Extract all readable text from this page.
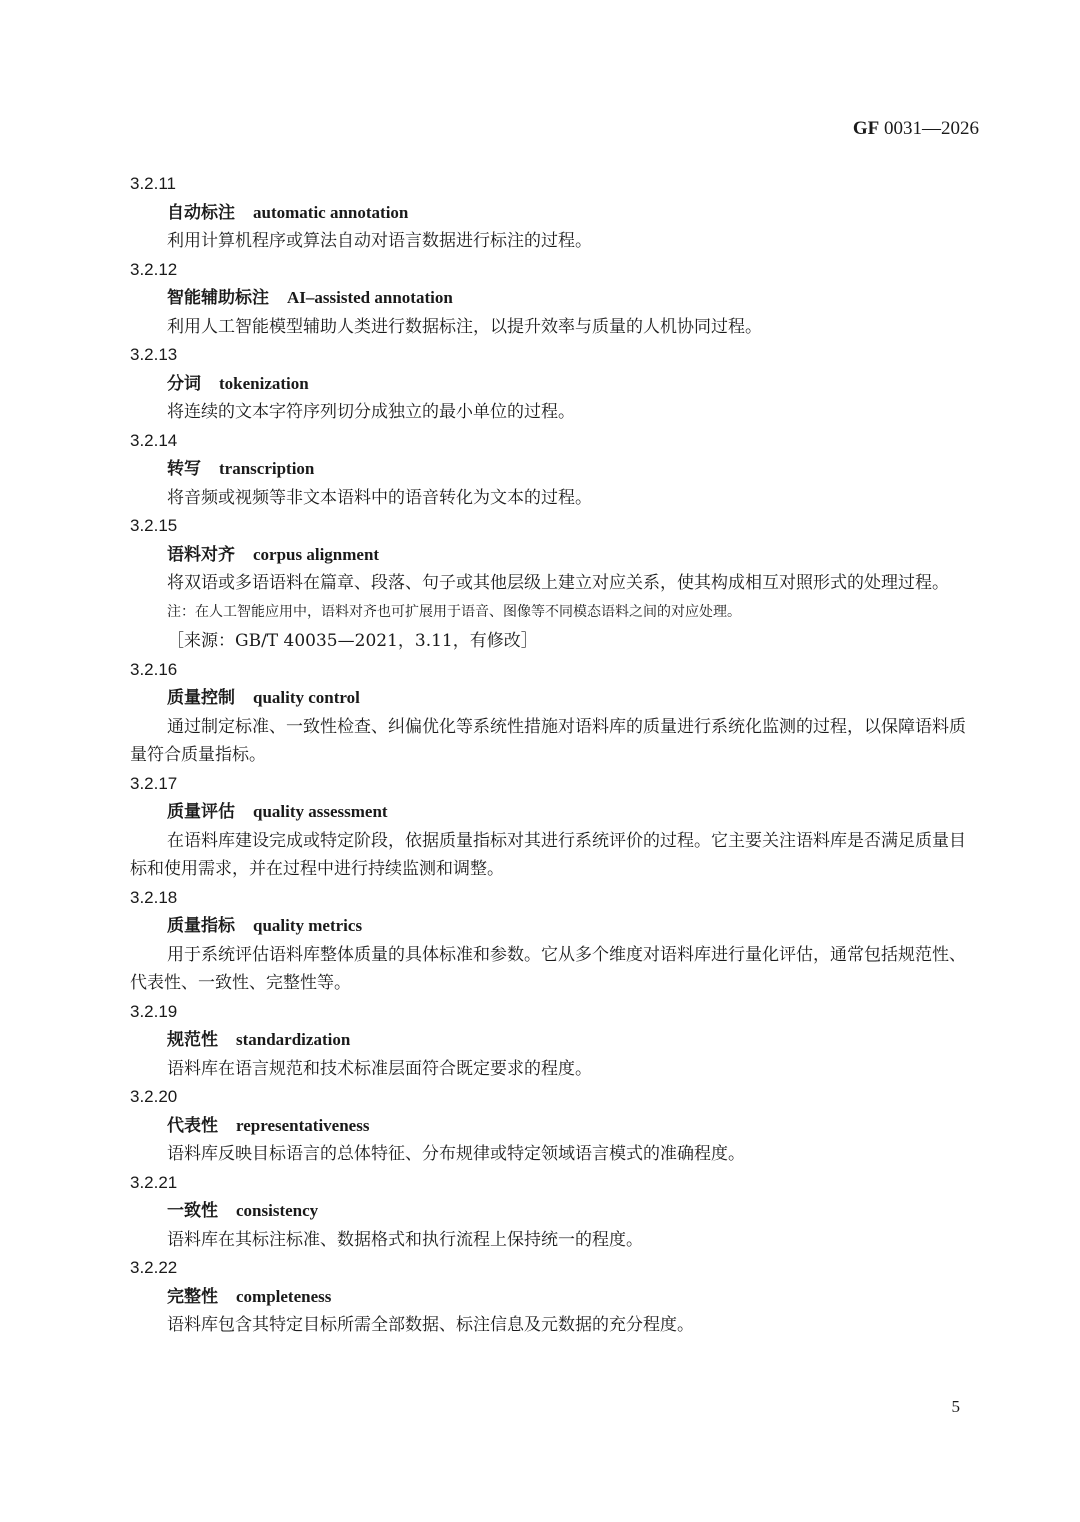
GF 0031—2026
3.2.11
自动标注 automatic annotation
利用计算机程序或算法自动对语言数据进行标注的过程。
3.2.12
智能辅助标注 AI–assisted annotation
利用人工智能模型辅助人类进行数据标注，以提升效率与质量的人机协同过程。
3.2.13
分词 tokenization
将连续的文本字符序列切分成独立的最小单位的过程。
3.2.14
转写 transcription
将音频或视频等非文本语料中的语音转化为文本的过程。
3.2.15
语料对齐 corpus alignment
将双语或多语语料在篇章、段落、句子或其他层级上建立对应关系，使其构成相互对照形式的处理过程。
注：在人工智能应用中，语料对齐也可扩展用于语音、图像等不同模态语料之间的对应处理。
［来源：GB/T 40035—2021，3.11，有修改］
3.2.16
质量控制 quality control
通过制定标准、一致性检查、纠偏优化等系统性措施对语料库的质量进行系统化监测的过程，以保障语料质量符合质量指标。
3.2.17
质量评估 quality assessment
在语料库建设完成或特定阶段，依据质量指标对其进行系统评价的过程。它主要关注语料库是否满足质量目标和使用需求，并在过程中进行持续监测和调整。
3.2.18
质量指标 quality metrics
用于系统评估语料库整体质量的具体标准和参数。它从多个维度对语料库进行量化评估，通常包括规范性、代表性、一致性、完整性等。
3.2.19
规范性 standardization
语料库在语言规范和技术标准层面符合既定要求的程度。
3.2.20
代表性 representativeness
语料库反映目标语言的总体特征、分布规律或特定领域语言模式的准确程度。
3.2.21
一致性 consistency
语料库在其标注标准、数据格式和执行流程上保持统一的程度。
3.2.22
完整性 completeness
语料库包含其特定目标所需全部数据、标注信息及元数据的充分程度。
5
